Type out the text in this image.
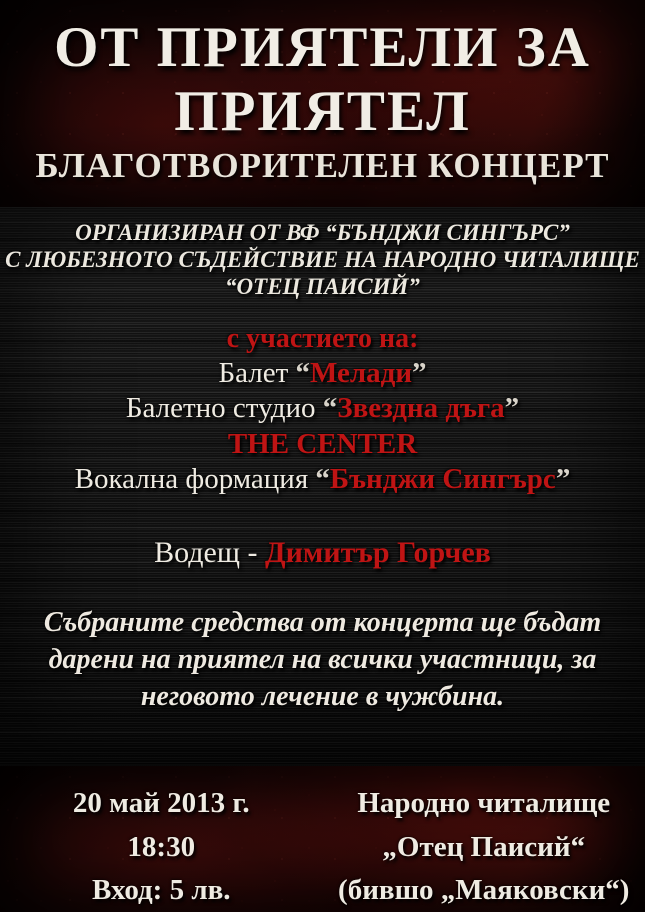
ОТ ПРИЯТЕЛИ ЗА
ПРИЯТЕЛ
БЛАГОТВОРИТЕЛЕН КОНЦЕРТ
ОРГАНИЗИРАН ОТ ВФ “БЪНДЖИ СИНГЪРС”
С ЛЮБЕЗНОТО СЪДЕЙСТВИЕ НА НАРОДНО ЧИТАЛИЩЕ
“ОТЕЦ ПАИСИЙ”
с участието на:
Балет “Мелади”
Балетно студио “Звездна дъга”
THE CENTER
Вокална формация “Бънджи Сингърс”
Водещ - Димитър Горчев
Събраните средства от концерта ще бъдат
дарени на приятел на всички участници, за
неговото лечение в чужбина.
20 май 2013 г.
18:30
Вход: 5 лв.
Народно читалище
„Отец Паисий“
(бившо „Маяковски“)
